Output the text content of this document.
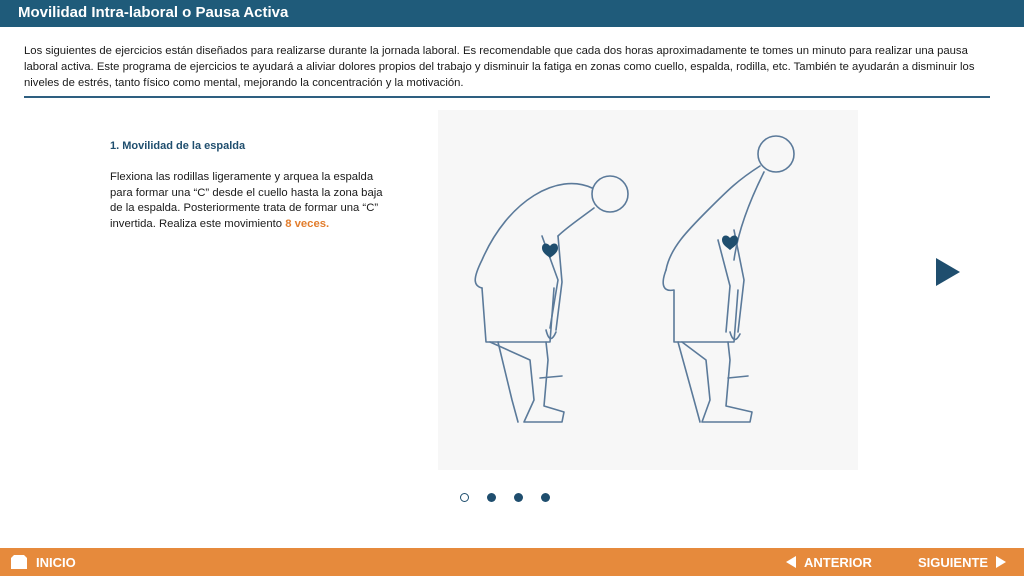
Movilidad Intra-laboral o Pausa Activa

Los siguientes de ejercicios están diseñados para realizarse durante la jornada laboral. Es recomendable que cada dos horas aproximadamente te tomes un minuto para realizar una pausa laboral activa. Este programa de ejercicios te ayudará a aliviar dolores propios del trabajo y disminuir la fatiga en zonas como cuello, espalda, rodilla, etc. También te ayudarán a disminuir los niveles de estrés, tanto físico como mental, mejorando la concentración y la motivación.

1. Movilidad de la espalda

Flexiona las rodillas ligeramente y arquea la espalda para formar una “C” desde el cuello hasta la zona baja de la espalda. Posteriormente trata de formar una “C” invertida. Realiza este movimiento 8 veces.

INICIO	ANTERIOR	SIGUIENTE
